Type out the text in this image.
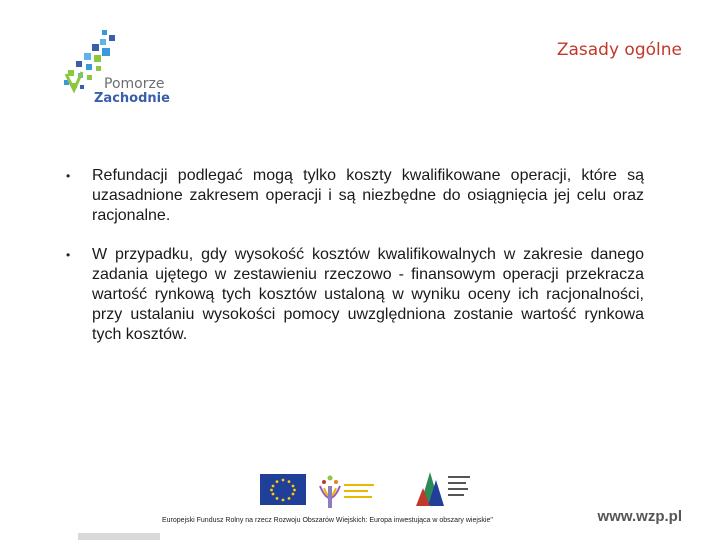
Pomorze
Zachodnie
Zasady ogólne
•	Refundacji podlegać mogą tylko koszty kwalifikowane operacji, które są uzasadnione zakresem operacji i są niezbędne do osiągnięcia jej celu oraz racjonalne.
•	W przypadku, gdy wysokość kosztów kwalifikowalnych w zakresie danego zadania ujętego w zestawieniu rzeczowo - finansowym operacji przekracza wartość rynkową tych kosztów ustaloną w wyniku oceny ich racjonalności, przy ustalaniu wysokości pomocy uwzględniona zostanie wartość rynkowa tych kosztów.
Europejski Fundusz Rolny na rzecz Rozwoju Obszarów Wiejskich: Europa inwestująca w obszary wiejskie"	www.wzp.pl
